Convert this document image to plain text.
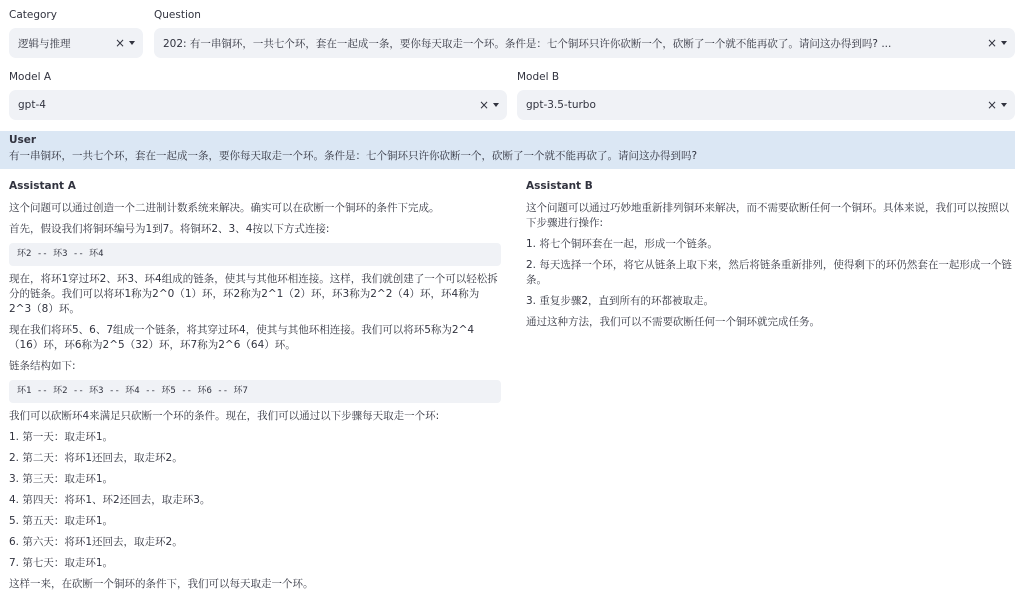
Category
逻辑与推理	×
Question
202: 有一串铜环，一共七个环，套在一起成一条，要你每天取走一个环。条件是：七个铜环只许你砍断一个，砍断了一个就不能再砍了。请问这办得到吗? ...	×
Model A
gpt-4	×
Model B
gpt-3.5-turbo	×
User
有一串铜环，一共七个环，套在一起成一条，要你每天取走一个环。条件是：七个铜环只许你砍断一个，砍断了一个就不能再砍了。请问这办得到吗?
Assistant A
这个问题可以通过创造一个二进制计数系统来解决。确实可以在砍断一个铜环的条件下完成。
首先，假设我们将铜环编号为1到7。将铜环2、3、4按以下方式连接:
环2 -- 环3 -- 环4
现在，将环1穿过环2、环3、环4组成的链条，使其与其他环相连接。这样，我们就创建了一个可以轻松拆分的链条。我们可以将环1称为2^0（1）环，环2称为2^1（2）环，环3称为2^2（4）环，环4称为2^3（8）环。
现在我们将环5、6、7组成一个链条，将其穿过环4，使其与其他环相连接。我们可以将环5称为2^4（16）环，环6称为2^5（32）环，环7称为2^6（64）环。
链条结构如下:
环1 -- 环2 -- 环3 -- 环4 -- 环5 -- 环6 -- 环7
我们可以砍断环4来满足只砍断一个环的条件。现在，我们可以通过以下步骤每天取走一个环:
1. 第一天：取走环1。
2. 第二天：将环1还回去，取走环2。
3. 第三天：取走环1。
4. 第四天：将环1、环2还回去，取走环3。
5. 第五天：取走环1。
6. 第六天：将环1还回去，取走环2。
7. 第七天：取走环1。
这样一来，在砍断一个铜环的条件下，我们可以每天取走一个环。
Assistant B
这个问题可以通过巧妙地重新排列铜环来解决，而不需要砍断任何一个铜环。具体来说，我们可以按照以下步骤进行操作:
1. 将七个铜环套在一起，形成一个链条。
2. 每天选择一个环，将它从链条上取下来，然后将链条重新排列，使得剩下的环仍然套在一起形成一个链条。
3. 重复步骤2，直到所有的环都被取走。
通过这种方法，我们可以不需要砍断任何一个铜环就完成任务。
